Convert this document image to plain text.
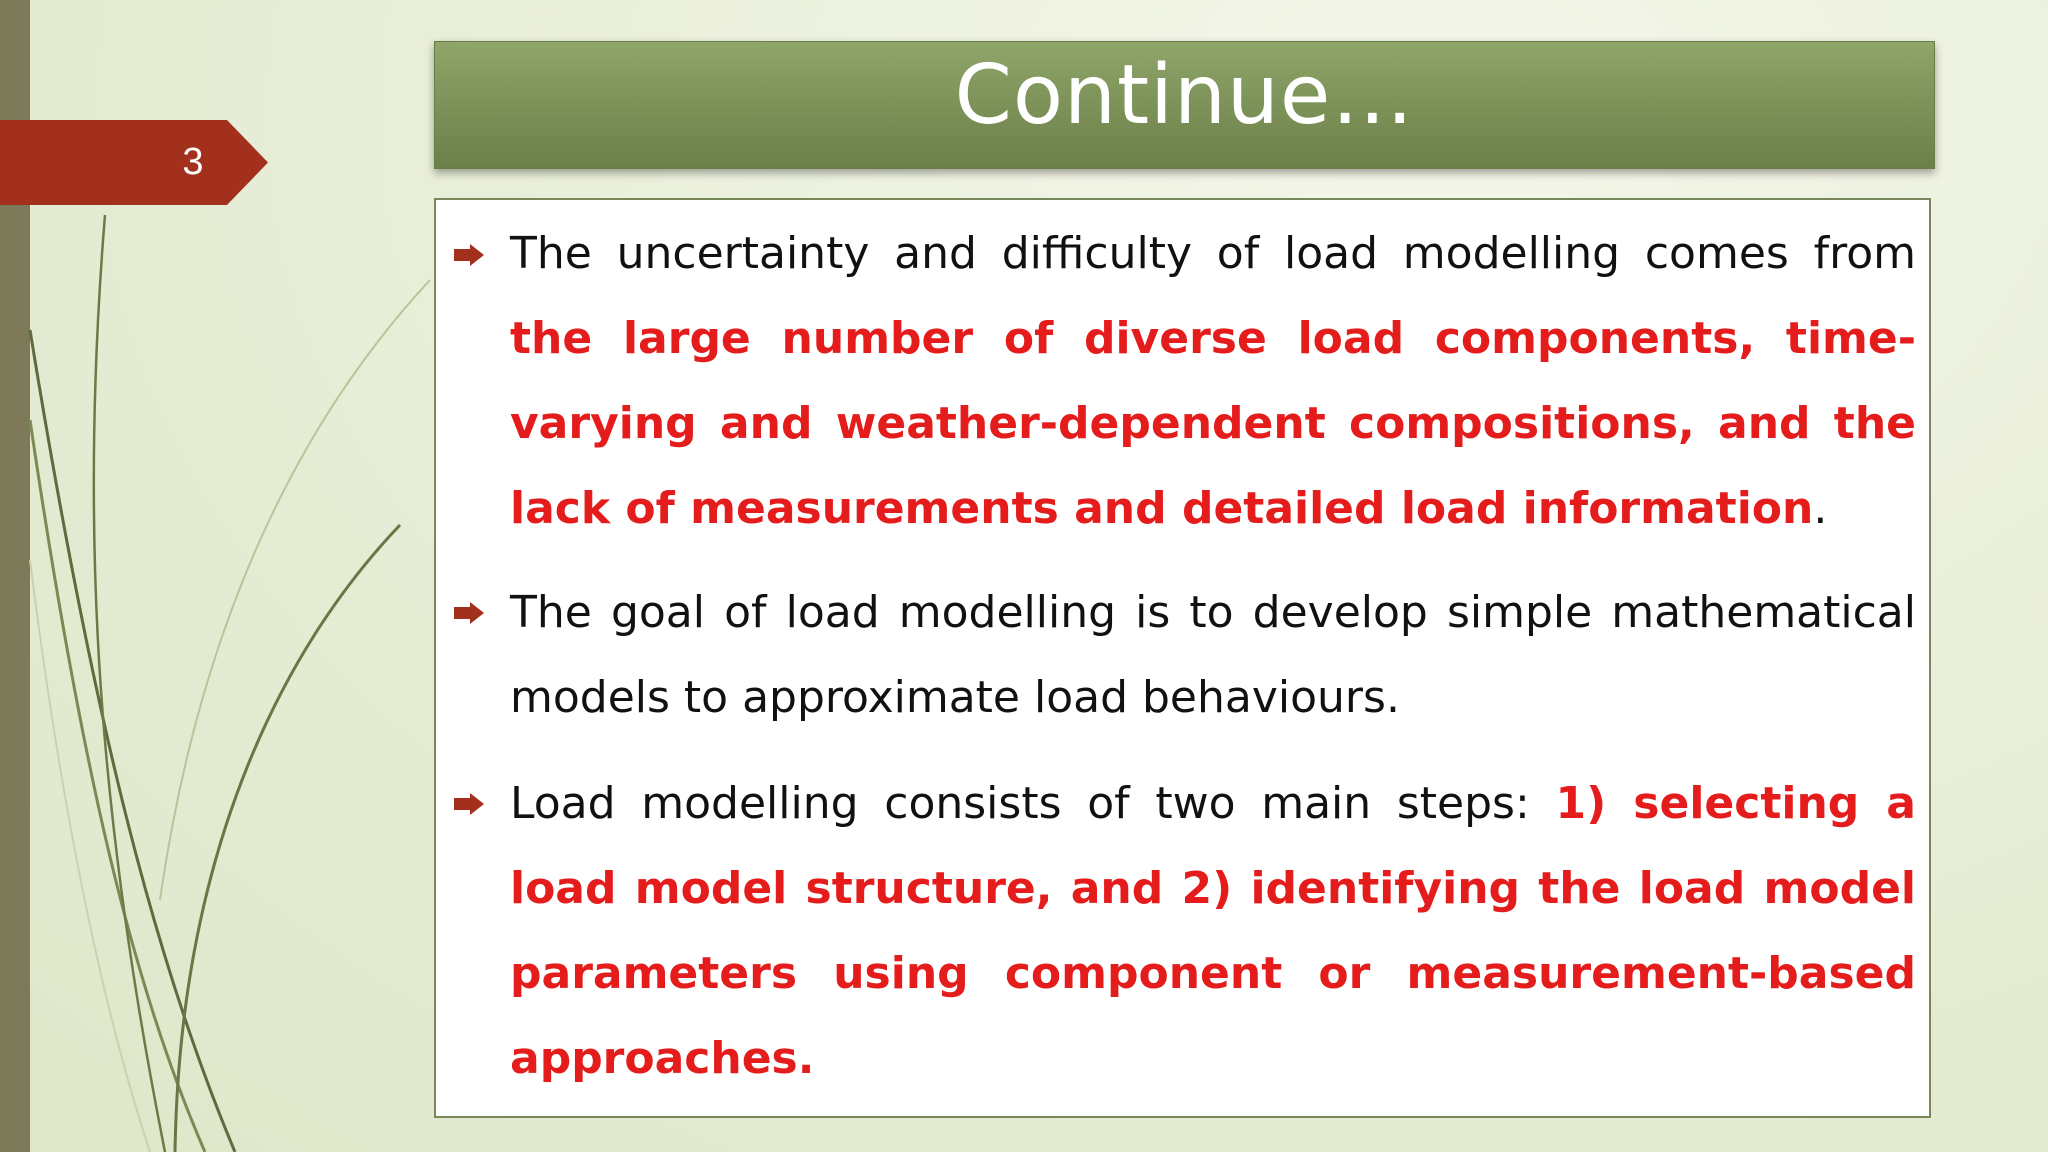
3
Continue…
The uncertainty and difficulty of load modelling comes from the large number of diverse load components, time-varying and weather-dependent compositions, and the lack of measurements and detailed load information.
The goal of load modelling is to develop simple mathematical models to approximate load behaviours.
Load modelling consists of two main steps: 1) selecting a load model structure, and 2) identifying the load model parameters using component or measurement-based approaches.
